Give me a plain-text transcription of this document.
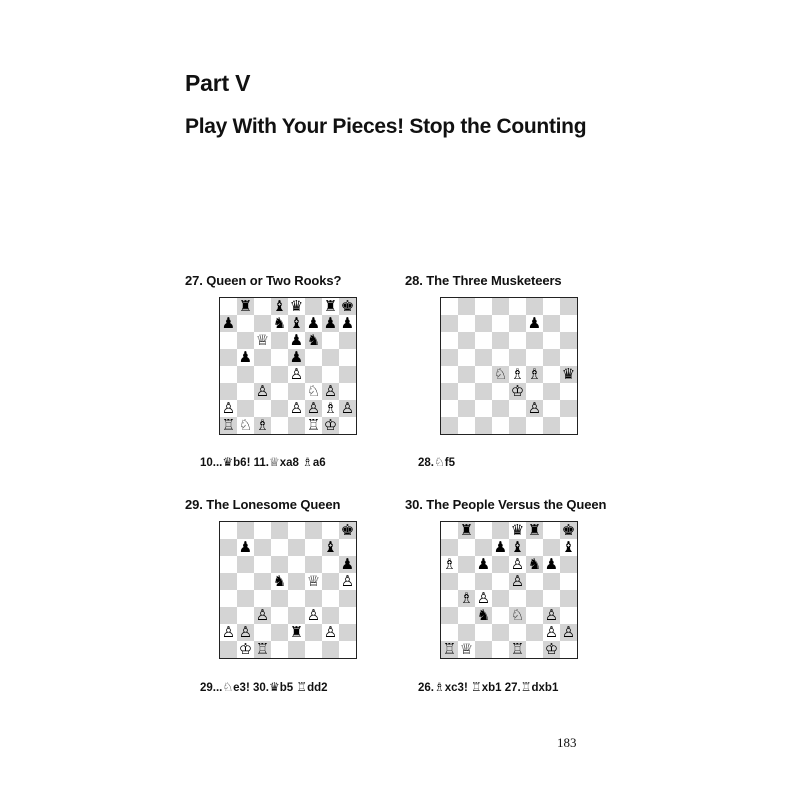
Part V
Play With Your Pieces! Stop the Counting
27. Queen or Two Rooks?
♜ ♝ ♛ ♜ ♚
♟	♞ ♝ ♟ ♟ ♟
♕ ♟ ♞
♟	♟
♙
♙	♘ ♙
♙	♙ ♙ ♗ ♙
♖ ♘ ♗	♖ ♔
10...♛b6! 11.♕xa8 ♗a6
28. The Three Musketeers
♟
♘ ♗ ♗ ♛
♔
♙
28.♘f5
29. The Lonesome Queen
♚
♟	♝
♟
♞ ♕ ♙
♙	♙
♙ ♙	♜ ♙
♔ ♖
29...♘e3! 30.♛b5 ♖dd2
30. The People Versus the Queen
♜	♛ ♜ ♚
♟ ♝	♝
♗ ♟ ♙ ♞ ♟
♙
♗ ♙
♞ ♘ ♙
♙ ♙
♖ ♕	♖ ♔
26.♗xc3! ♖xb1 27.♖dxb1
183
